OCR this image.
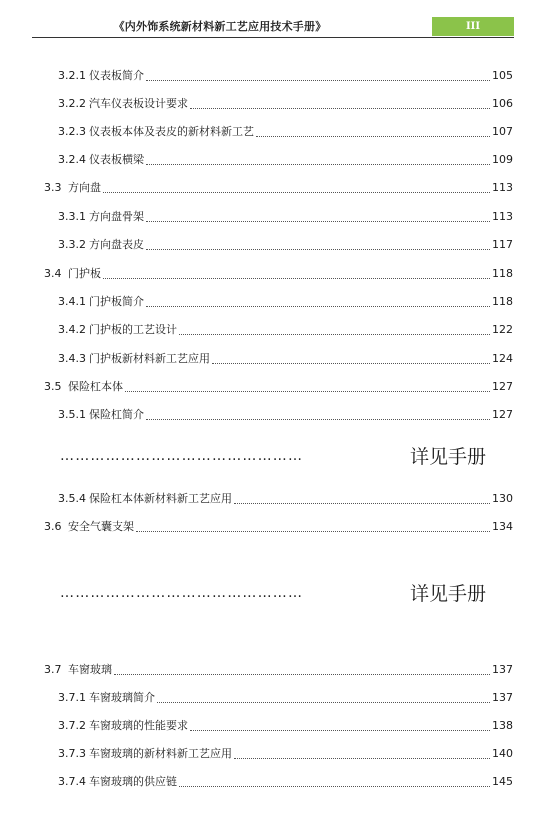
《内外饰系统新材料新工艺应用技术手册》	III
3.2.1 仪表板简介	105
3.2.2 汽车仪表板设计要求	106
3.2.3 仪表板本体及表皮的新材料新工艺	107
3.2.4 仪表板横梁	109
3.3 方向盘	113
3.3.1 方向盘骨架	113
3.3.2 方向盘表皮	117
3.4 门护板	118
3.4.1 门护板简介	118
3.4.2 门护板的工艺设计	122
3.4.3 门护板新材料新工艺应用	124
3.5 保险杠本体	127
3.5.1 保险杠简介	127
3.5.4 保险杠本体新材料新工艺应用	130
3.6 安全气囊支架	134
3.7 车窗玻璃	137
3.7.1 车窗玻璃简介	137
3.7.2 车窗玻璃的性能要求	138
3.7.3 车窗玻璃的新材料新工艺应用	140
3.7.4 车窗玻璃的供应链	145
…………………………………………	详见手册
…………………………………………	详见手册
